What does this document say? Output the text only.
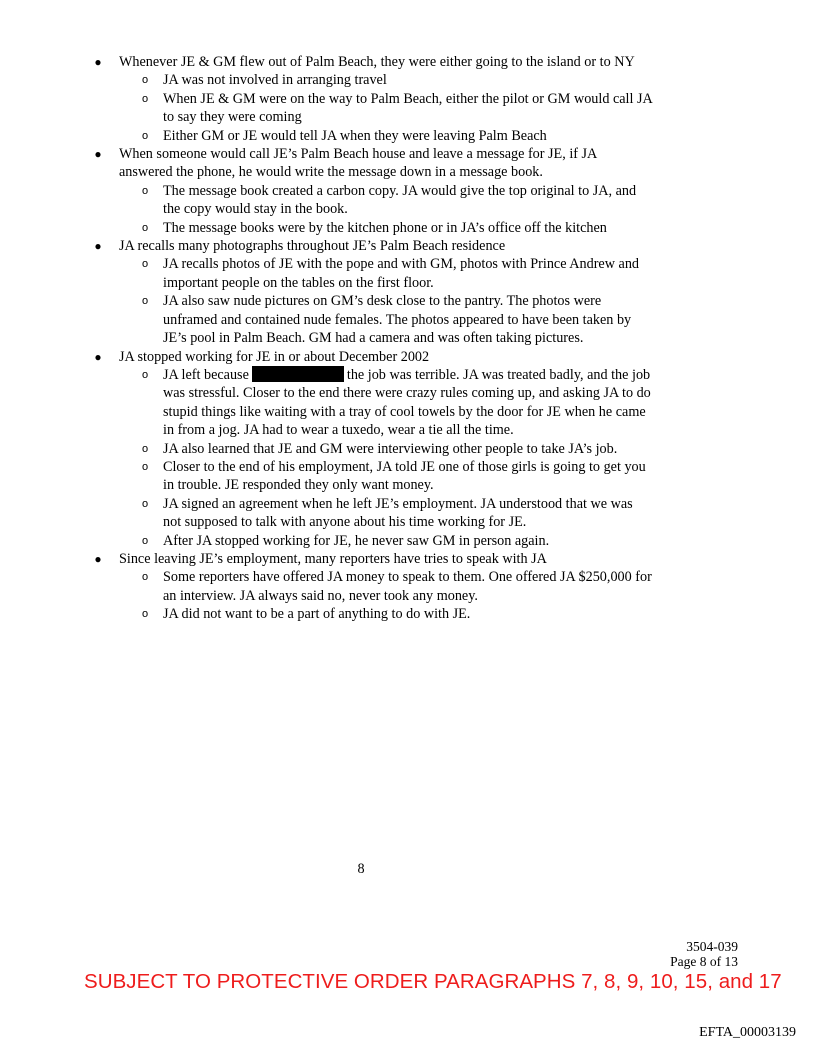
● Whenever JE & GM flew out of Palm Beach, they were either going to the island or to NY
o JA was not involved in arranging travel
o When JE & GM were on the way to Palm Beach, either the pilot or GM would call JA to say they were coming
o Either GM or JE would tell JA when they were leaving Palm Beach
● When someone would call JE’s Palm Beach house and leave a message for JE, if JA answered the phone, he would write the message down in a message book.
o The message book created a carbon copy. JA would give the top original to JA, and the copy would stay in the book.
o The message books were by the kitchen phone or in JA’s office off the kitchen
● JA recalls many photographs throughout JE’s Palm Beach residence
o JA recalls photos of JE with the pope and with GM, photos with Prince Andrew and important people on the tables on the first floor.
o JA also saw nude pictures on GM’s desk close to the pantry. The photos were unframed and contained nude females. The photos appeared to have been taken by JE’s pool in Palm Beach. GM had a camera and was often taking pictures.
● JA stopped working for JE in or about December 2002
o JA left because	the job was terrible. JA was treated badly, and the job was stressful. Closer to the end there were crazy rules coming up, and asking JA to do stupid things like waiting with a tray of cool towels by the door for JE when he came in from a jog. JA had to wear a tuxedo, wear a tie all the time.
o JA also learned that JE and GM were interviewing other people to take JA’s job.
o Closer to the end of his employment, JA told JE one of those girls is going to get you in trouble. JE responded they only want money.
o JA signed an agreement when he left JE’s employment. JA understood that we was not supposed to talk with anyone about his time working for JE.
o After JA stopped working for JE, he never saw GM in person again.
● Since leaving JE’s employment, many reporters have tries to speak with JA
o Some reporters have offered JA money to speak to them. One offered JA $250,000 for an interview. JA always said no, never took any money.
o JA did not want to be a part of anything to do with JE.
8
3504-039
Page 8 of 13
SUBJECT TO PROTECTIVE ORDER PARAGRAPHS 7, 8, 9, 10, 15, and 17
EFTA_00003139
